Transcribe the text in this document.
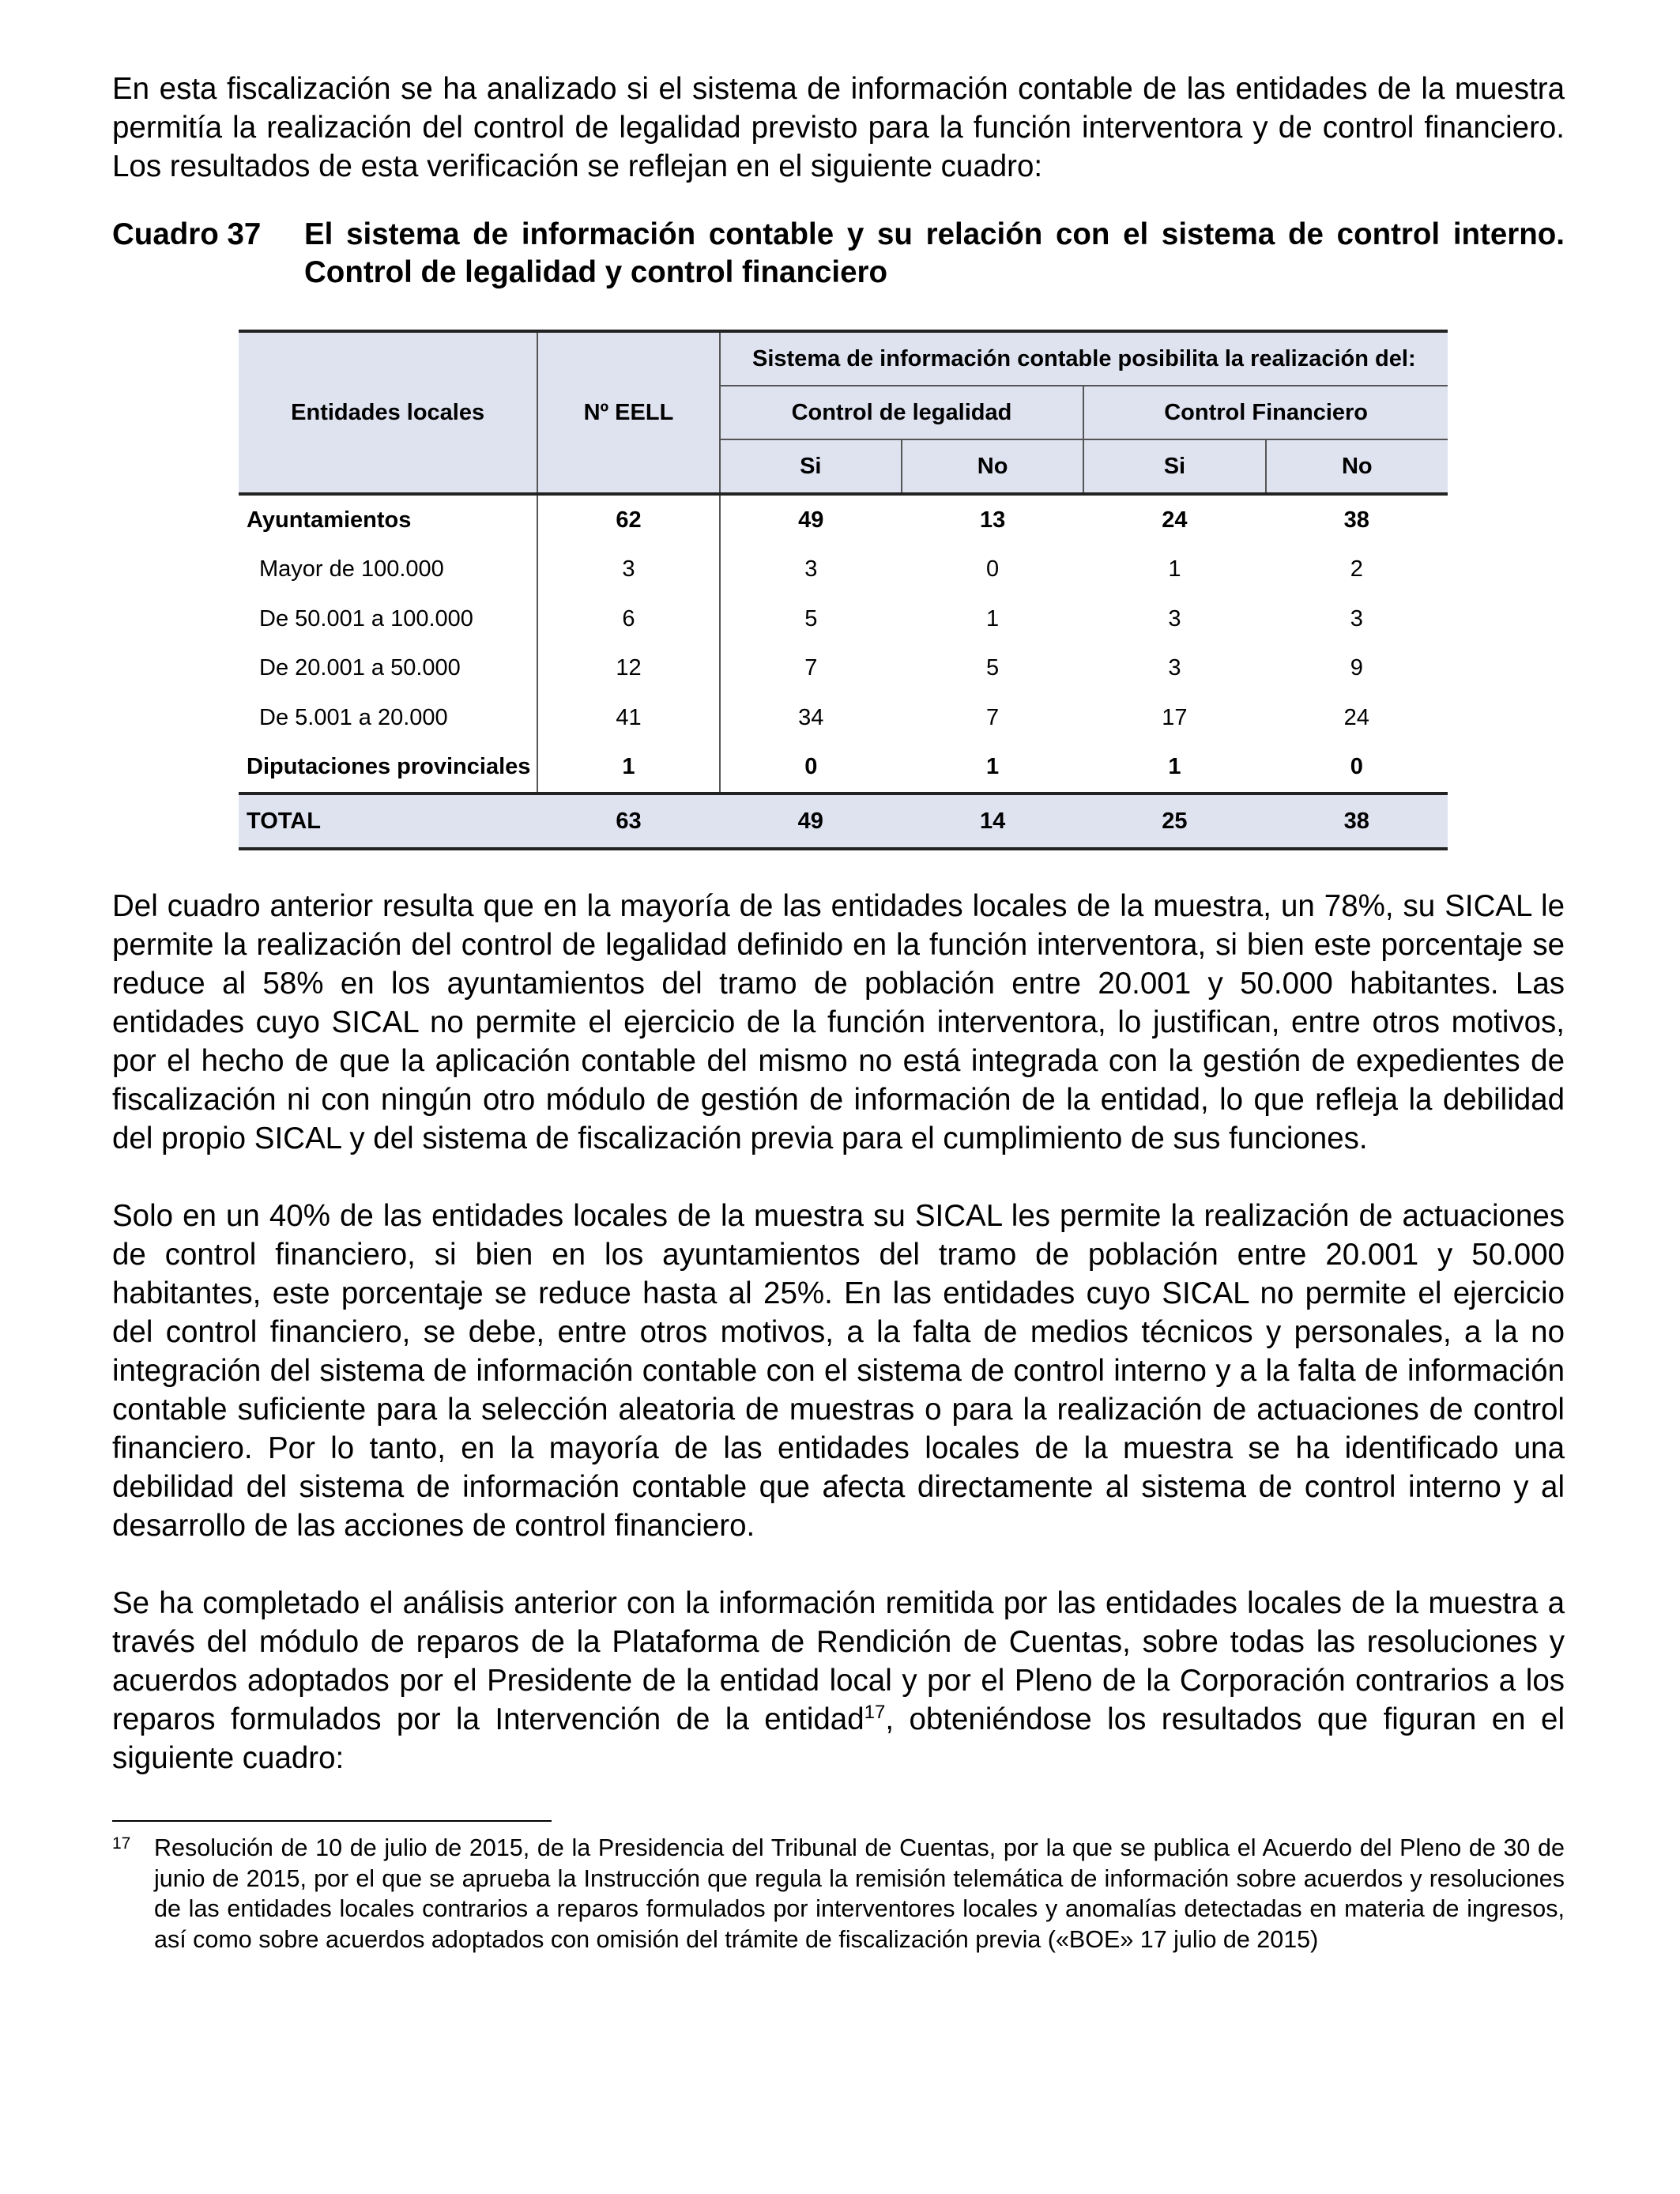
En esta fiscalización se ha analizado si el sistema de información contable de las entidades de la muestra permitía la realización del control de legalidad previsto para la función interventora y de control financiero. Los resultados de esta verificación se reflejan en el siguiente cuadro:

Cuadro 37	El sistema de información contable y su relación con el sistema de control interno. Control de legalidad y control financiero
Entidades locales	Nº EELL	Sistema de información contable posibilita la realización del:			
		Control de legalidad		Control Financiero	
		Si	No	Si	No
Ayuntamientos	62	49	13	24	38
Mayor de 100.000	3	3	0	1	2
De 50.001 a 100.000	6	5	1	3	3
De 20.001 a 50.000	12	7	5	3	9
De 5.001 a 20.000	41	34	7	17	24
Diputaciones provinciales	1	0	1	1	0
TOTAL	63	49	14	25	38

Del cuadro anterior resulta que en la mayoría de las entidades locales de la muestra, un 78%, su SICAL le permite la realización del control de legalidad definido en la función interventora, si bien este porcentaje se reduce al 58% en los ayuntamientos del tramo de población entre 20.001 y 50.000 habitantes. Las entidades cuyo SICAL no permite el ejercicio de la función interventora, lo justifican, entre otros motivos, por el hecho de que la aplicación contable del mismo no está integrada con la gestión de expedientes de fiscalización ni con ningún otro módulo de gestión de información de la entidad, lo que refleja la debilidad del propio SICAL y del sistema de fiscalización previa para el cumplimiento de sus funciones.

Solo en un 40% de las entidades locales de la muestra su SICAL les permite la realización de actuaciones de control financiero, si bien en los ayuntamientos del tramo de población entre 20.001 y 50.000 habitantes, este porcentaje se reduce hasta al 25%. En las entidades cuyo SICAL no permite el ejercicio del control financiero, se debe, entre otros motivos, a la falta de medios técnicos y personales, a la no integración del sistema de información contable con el sistema de control interno y a la falta de información contable suficiente para la selección aleatoria de muestras o para la realización de actuaciones de control financiero. Por lo tanto, en la mayoría de las entidades locales de la muestra se ha identificado una debilidad del sistema de información contable que afecta directamente al sistema de control interno y al desarrollo de las acciones de control financiero.

Se ha completado el análisis anterior con la información remitida por las entidades locales de la muestra a través del módulo de reparos de la Plataforma de Rendición de Cuentas, sobre todas las resoluciones y acuerdos adoptados por el Presidente de la entidad local y por el Pleno de la Corporación contrarios a los reparos formulados por la Intervención de la entidad$^{17}$, obteniéndose los resultados que figuran en el siguiente cuadro:

17 Resolución de 10 de julio de 2015, de la Presidencia del Tribunal de Cuentas, por la que se publica el Acuerdo del Pleno de 30 de junio de 2015, por el que se aprueba la Instrucción que regula la remisión telemática de información sobre acuerdos y resoluciones de las entidades locales contrarios a reparos formulados por interventores locales y anomalías detectadas en materia de ingresos, así como sobre acuerdos adoptados con omisión del trámite de fiscalización previa («BOE» 17 julio de 2015)
